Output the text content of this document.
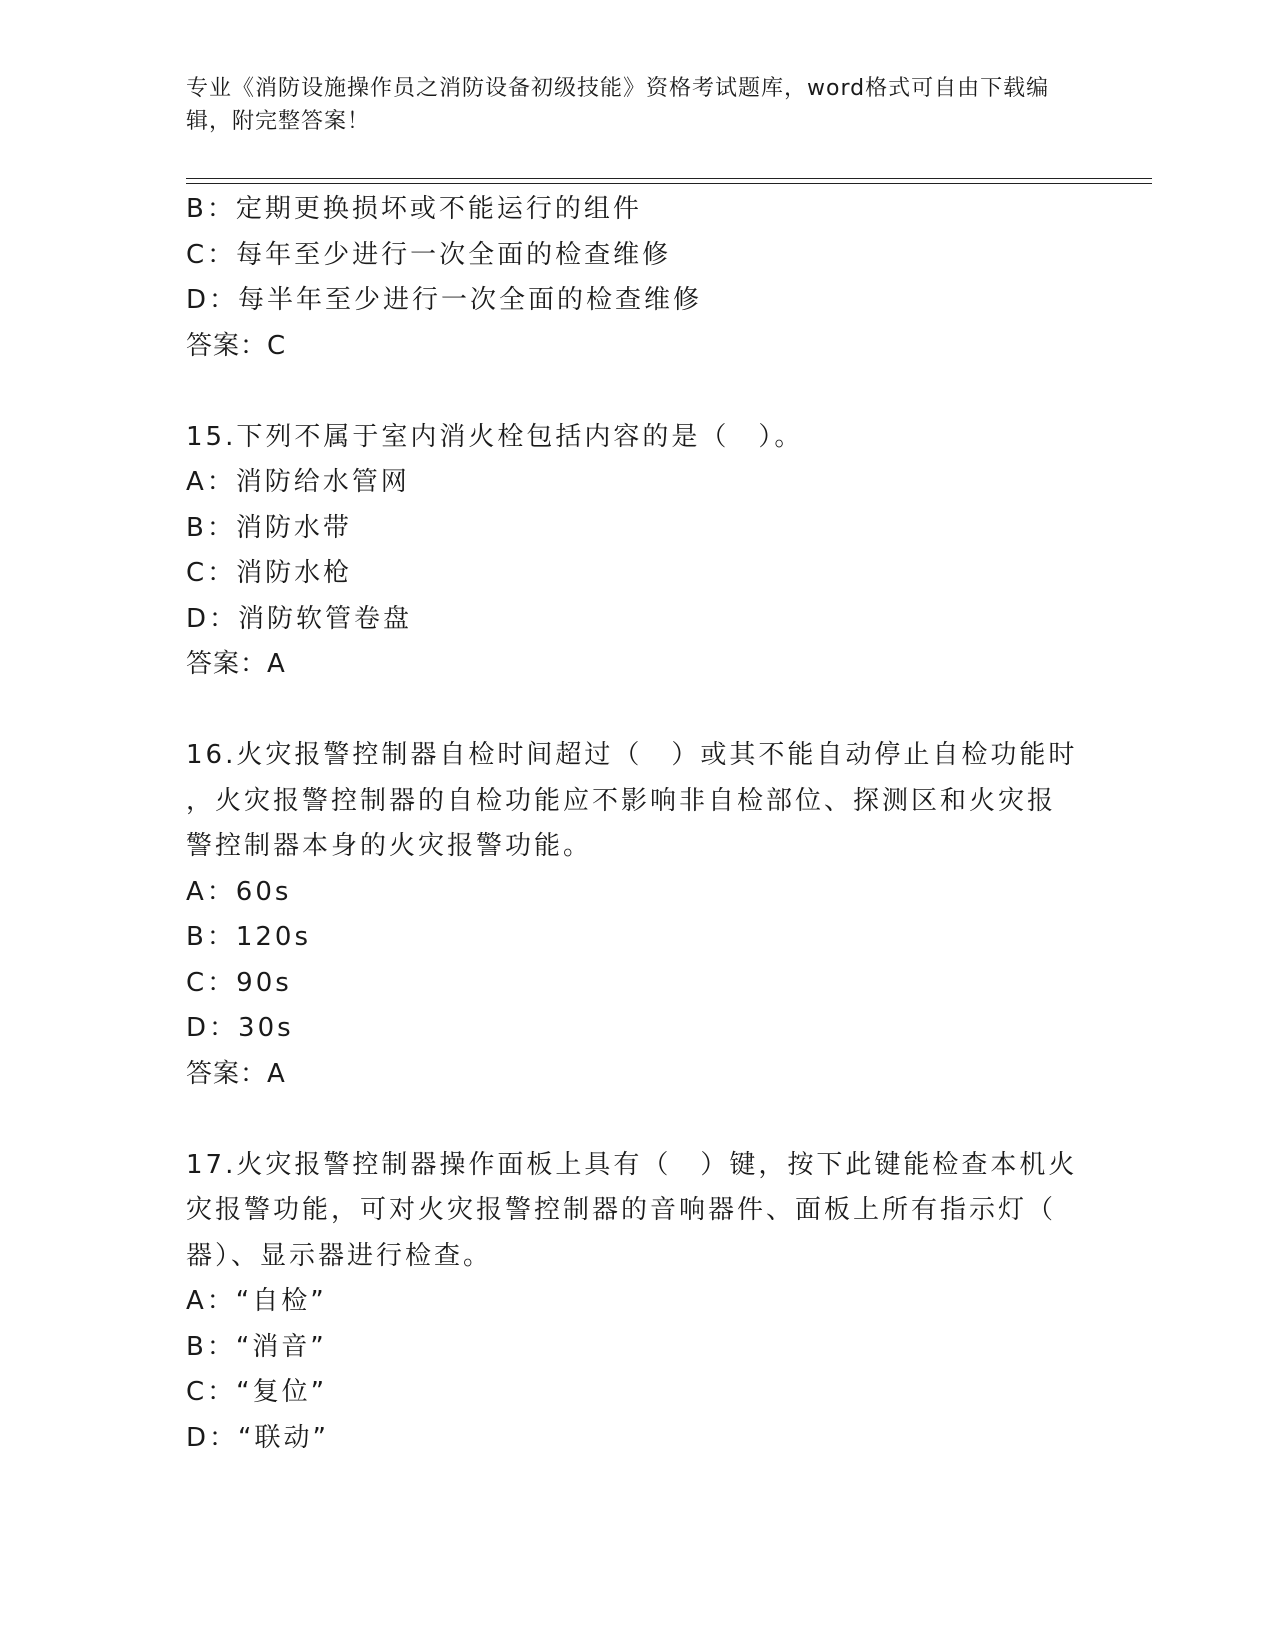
专业《消防设施操作员之消防设备初级技能》资格考试题库，word格式可自由下载编辑，附完整答案！
B：定期更换损坏或不能运行的组件
C：每年至少进行一次全面的检查维修
D：每半年至少进行一次全面的检查维修
答案：C
15.下列不属于室内消火栓包括内容的是（　）。
A：消防给水管网
B：消防水带
C：消防水枪
D：消防软管卷盘
答案：A
16.火灾报警控制器自检时间超过（　）或其不能自动停止自检功能时
，火灾报警控制器的自检功能应不影响非自检部位、探测区和火灾报
警控制器本身的火灾报警功能。
A：60s
B：120s
C：90s
D：30s
答案：A
17.火灾报警控制器操作面板上具有（　）键，按下此键能检查本机火
灾报警功能，可对火灾报警控制器的音响器件、面板上所有指示灯（
器）、显示器进行检查。
A：“自检”
B：“消音”
C：“复位”
D：“联动”
